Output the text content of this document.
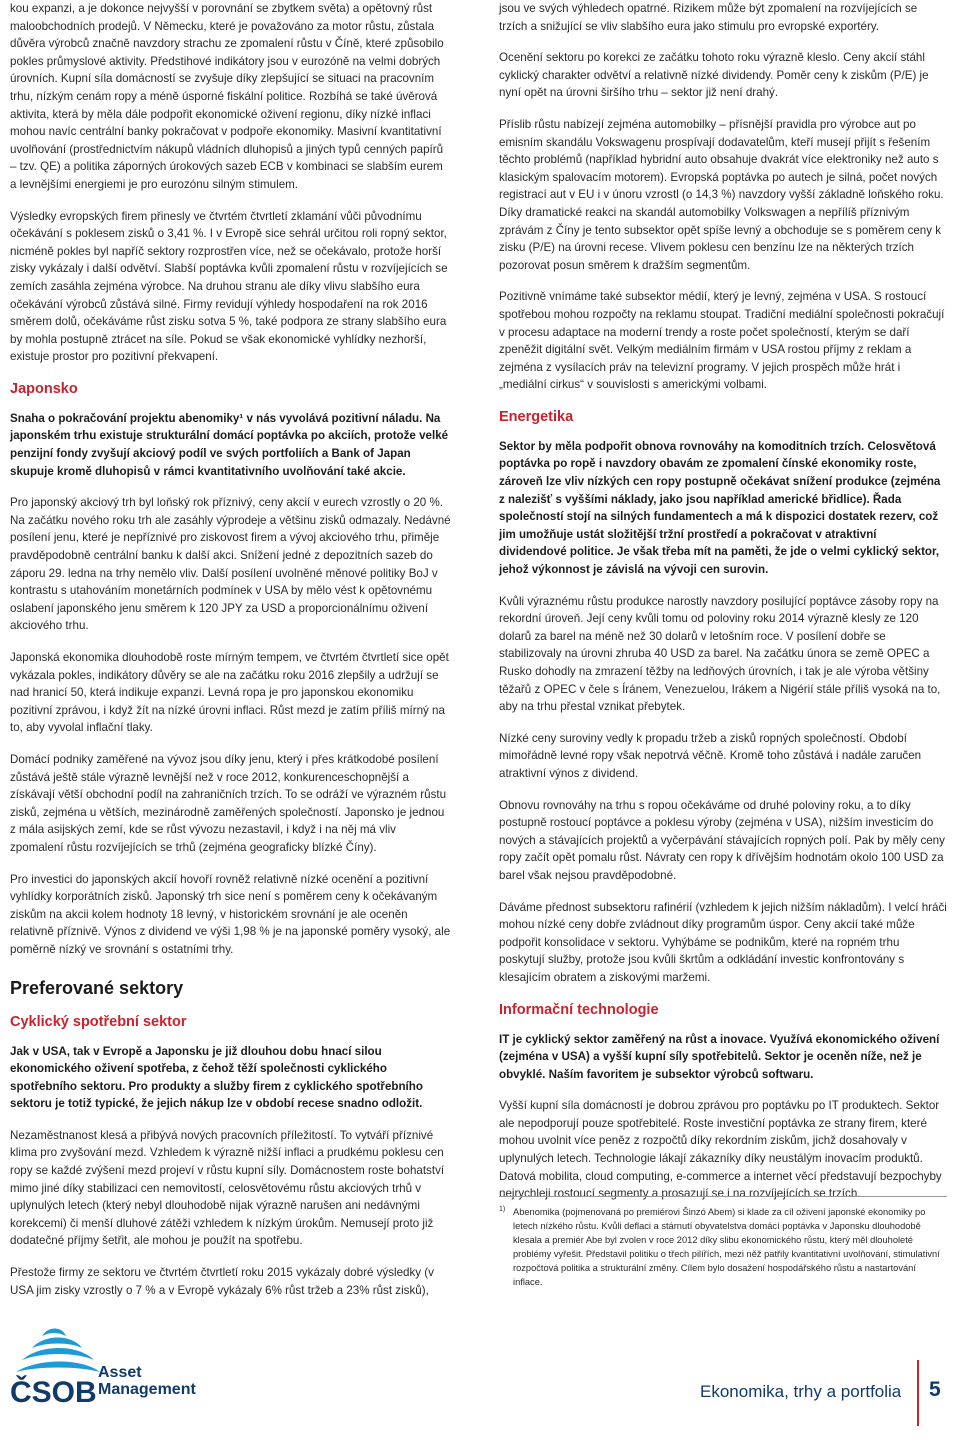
kou expanzi, a je dokonce nejvyšší v porovnání se zbytkem světa) a opětovný růst maloobchodních prodejů. V Německu, které je považováno za motor růstu, zůstala důvěra výrobců značně navzdory strachu ze zpomalení růstu v Číně, které způsobilo pokles průmyslové aktivity. Předstihové indikátory jsou v eurozóně na velmi dobrých úrovních. Kupní síla domácností se zvyšuje díky zlepšující se situaci na pracovním trhu, nízkým cenám ropy a méně úsporné fiskální politice. Rozbíhá se také úvěrová aktivita, která by měla dále podpořit ekonomické oživení regionu, díky nízké inflaci mohou navíc centrální banky pokračovat v podpoře ekonomiky. Masivní kvantitativní uvolňování (prostřednictvím nákupů vládních dluhopisů a jiných typů cenných papírů – tzv. QE) a politika záporných úrokových sazeb ECB v kombinaci se slabším eurem a levnějšími energiemi je pro eurozónu silným stimulem.

Výsledky evropských firem přinesly ve čtvrtém čtvrtletí zklamání vůči původnímu očekávání s poklesem zisků o 3,41 %. I v Evropě sice sehrál určitou roli ropný sektor, nicméně pokles byl napříč sektory rozprostřen více, než se očekávalo, protože horší zisky vykázaly i další odvětví. Slabší poptávka kvůli zpomalení růstu v rozvíjejících se zemích zasáhla zejména výrobce. Na druhou stranu ale díky vlivu slabšího eura očekávání výrobců zůstává silné. Firmy revidují výhledy hospodaření na rok 2016 směrem dolů, očekáváme růst zisku sotva 5 %, také podpora ze strany slabšího eura by mohla postupně ztrácet na síle. Pokud se však ekonomické vyhlídky nezhorší, existuje prostor pro pozitivní překvapení.

Japonsko

Snaha o pokračování projektu abenomiky¹ v nás vyvolává pozitivní náladu. Na japonském trhu existuje strukturální domácí poptávka po akciích, protože velké penzijní fondy zvyšují akciový podíl ve svých portfoliích a Bank of Japan skupuje kromě dluhopisů v rámci kvantitativního uvolňování také akcie.

Pro japonský akciový trh byl loňský rok příznivý, ceny akcií v eurech vzrostly o 20 %. Na začátku nového roku trh ale zasáhly výprodeje a většinu zisků odmazaly. Nedávné posílení jenu, které je nepříznivé pro ziskovost firem a vývoj akciového trhu, přiměje pravděpodobně centrální banku k další akci. Snížení jedné z depozitních sazeb do záporu 29. ledna na trhy nemělo vliv. Další posílení uvolněné měnové politiky BoJ v kontrastu s utahováním monetárních podmínek v USA by mělo vést k opětovnému oslabení japonského jenu směrem k 120 JPY za USD a proporcionálnímu oživení akciového trhu.

Japonská ekonomika dlouhodobě roste mírným tempem, ve čtvrtém čtvrtletí sice opět vykázala pokles, indikátory důvěry se ale na začátku roku 2016 zlepšily a udržují se nad hranicí 50, která indikuje expanzi. Levná ropa je pro japonskou ekonomiku pozitivní zprávou, i když žít na nízké úrovni inflaci. Růst mezd je zatím příliš mírný na to, aby vyvolal inflační tlaky.

Domácí podniky zaměřené na vývoz jsou díky jenu, který i přes krátkodobé posílení zůstává ještě stále výrazně levnější než v roce 2012, konkurenceschopnější a získávají větší obchodní podíl na zahraničních trzích. To se odráží ve výrazném růstu zisků, zejména u větších, mezinárodně zaměřených společností. Japonsko je jednou z mála asijských zemí, kde se růst vývozu nezastavil, i když i na něj má vliv zpomalení růstu rozvíjejících se trhů (zejména geograficky blízké Číny).

Pro investici do japonských akcií hovoří rovněž relativně nízké ocenění a pozitivní vyhlídky korporátních zisků. Japonský trh sice není s poměrem ceny k očekávaným ziskům na akcii kolem hodnoty 18 levný, v historickém srovnání je ale oceněn relativně příznivě. Výnos z dividend ve výši 1,98 % je na japonské poměry vysoký, ale poměrně nízký ve srovnání s ostatními trhy.

Preferované sektory
Cyklický spotřební sektor

Jak v USA, tak v Evropě a Japonsku je již dlouhou dobu hnací silou ekonomického oživení spotřeba, z čehož těží společnosti cyklického spotřebního sektoru. Pro produkty a služby firem z cyklického spotřebního sektoru je totiž typické, že jejich nákup lze v období recese snadno odložit.

Nezaměstnanost klesá a přibývá nových pracovních příležitostí. To vytváří příznivé klima pro zvyšování mezd. Vzhledem k výrazně nižší inflaci a prudkému poklesu cen ropy se každé zvýšení mezd projeví v růstu kupní síly. Domácnostem roste bohatství mimo jiné díky stabilizaci cen nemovitostí, celosvětovému růstu akciových trhů v uplynulých letech (který nebyl dlouhodobě nijak výrazně narušen ani nedávnými korekcemi) či menší dluhové zátěži vzhledem k nízkým úrokům. Nemusejí proto již dodatečné příjmy šetřit, ale mohou je použít na spotřebu.

Přestože firmy ze sektoru ve čtvrtém čtvrtletí roku 2015 vykázaly dobré výsledky (v USA jim zisky vzrostly o 7 % a v Evropě vykázaly 6% růst tržeb a 23% růst zisků),

jsou ve svých výhledech opatrné. Rizikem může být zpomalení na rozvíjejících se trzích a snižující se vliv slabšího eura jako stimulu pro evropské exportéry.

Ocenění sektoru po korekci ze začátku tohoto roku výrazně kleslo. Ceny akcií stáhl cyklický charakter odvětví a relativně nízké dividendy. Poměr ceny k ziskům (P/E) je nyní opět na úrovni širšího trhu – sektor již není drahý.

Příslib růstu nabízejí zejména automobilky – přísnější pravidla pro výrobce aut po emisním skandálu Vokswagenu prospívají dodavatelům, kteří musejí přijít s řešením těchto problémů (například hybridní auto obsahuje dvakrát více elektroniky než auto s klasickým spalovacím motorem). Evropská poptávka po autech je silná, počet nových registrací aut v EU i v únoru vzrostl (o 14,3 %) navzdory vyšší základně loňského roku. Díky dramatické reakci na skandál automobilky Volkswagen a nepřílíš příznivým zprávám z Číny je tento subsektor opět spíše levný a obchoduje se s poměrem ceny k zisku (P/E) na úrovni recese. Vlivem poklesu cen benzínu lze na některých trzích pozorovat posun směrem k dražším segmentům.

Pozitivně vnímáme také subsektor médií, který je levný, zejména v USA. S rostoucí spotřebou mohou rozpočty na reklamu stoupat. Tradiční mediální společnosti pokračují v procesu adaptace na moderní trendy a roste počet společností, kterým se daří zpeněžit digitální svět. Velkým mediálním firmám v USA rostou příjmy z reklam a zejména z vysílacích práv na televizní programy. V jejich prospěch může hrát i „mediální cirkus“ v souvislosti s americkými volbami.

Energetika

Sektor by měla podpořit obnova rovnováhy na komoditních trzích. Celosvětová poptávka po ropě i navzdory obavám ze zpomalení čínské ekonomiky roste, zároveň lze vliv nízkých cen ropy postupně očekávat snížení produkce (zejména z nalezišť s vyššími náklady, jako jsou například americké břidlice). Řada společností stojí na silných fundamentech a má k dispozici dostatek rezerv, což jim umožňuje ustát složitější tržní prostředí a pokračovat v atraktivní dividendové politice. Je však třeba mít na paměti, že jde o velmi cyklický sektor, jehož výkonnost je závislá na vývoji cen surovin.

Kvůli výraznému růstu produkce narostly navzdory posilující poptávce zásoby ropy na rekordní úroveň. Její ceny kvůli tomu od poloviny roku 2014 výrazně klesly ze 120 dolarů za barel na méně než 30 dolarů v letošním roce. V posílení dobře se stabilizovaly na úrovni zhruba 40 USD za barel. Na začátku února se země OPEC a Rusko dohodly na zmrazení těžby na ledňových úrovních, i tak je ale výroba většiny těžařů z OPEC v čele s Íránem, Venezuelou, Irákem a Nigérií stále příliš vysoká na to, aby na trhu přestal vznikat přebytek.

Nízké ceny suroviny vedly k propadu tržeb a zisků ropných společností. Období mimořádně levné ropy však nepotrvá věčně. Kromě toho zůstává i nadále zaručen atraktivní výnos z dividend.

Obnovu rovnováhy na trhu s ropou očekáváme od druhé poloviny roku, a to díky postupně rostoucí poptávce a poklesu výroby (zejména v USA), nižším investicím do nových a stávajících projektů a vyčerpávání stávajících ropných polí. Pak by měly ceny ropy začít opět pomalu růst. Návraty cen ropy k dřívějším hodnotám okolo 100 USD za barel však nejsou pravděpodobné.

Dáváme přednost subsektoru rafinérií (vzhledem k jejich nižším nákladům). I velcí hráči mohou nízké ceny dobře zvládnout díky programům úspor. Ceny akcií také může podpořit konsolidace v sektoru. Vyhýbáme se podnikům, které na ropném trhu poskytují služby, protože jsou kvůli škrtům a odkládání investic konfrontovány s klesajícím obratem a ziskovými maržemi.

Informační technologie

IT je cyklický sektor zaměřený na růst a inovace. Využívá ekonomického oživení (zejména v USA) a vyšší kupní síly spotřebitelů. Sektor je oceněn níže, než je obvyklé. Naším favoritem je subsektor výrobců softwaru.

Vyšší kupní síla domácností je dobrou zprávou pro poptávku po IT produktech. Sektor ale nepodporují pouze spotřebitelé. Roste investiční poptávka ze strany firem, které mohou uvolnit více peněz z rozpočtů díky rekordním ziskům, jichž dosahovaly v uplynulých letech. Technologie lákají zákazníky díky neustálým inovacím produktů. Datová mobilita, cloud computing, e-commerce a internet věcí představují bezpochyby nejrychleji rostoucí segmenty a prosazují se i na rozvíjejících se trzích.

1) Abenomika (pojmenovaná po premiérovi Šinzó Abem) si klade za cíl oživení japonské ekonomiky po letech nízkého růstu. Kvůli deflaci a stárnutí obyvatelstva domácí poptávka v Japonsku dlouhodobě klesala a premiér Abe byl zvolen v roce 2012 díky slibu ekonomického růstu, který měl dlouholeté problémy vyřešit. Představil politiku o třech pilířích, mezi něž patřily kvantitativní uvolňování, stimulativní rozpočtová politika a strukturální změny. Cílem bylo dosažení hospodářského růstu a nastartování inflace.

ČSOB
Asset
Management	Ekonomika, trhy a portfolia 5
